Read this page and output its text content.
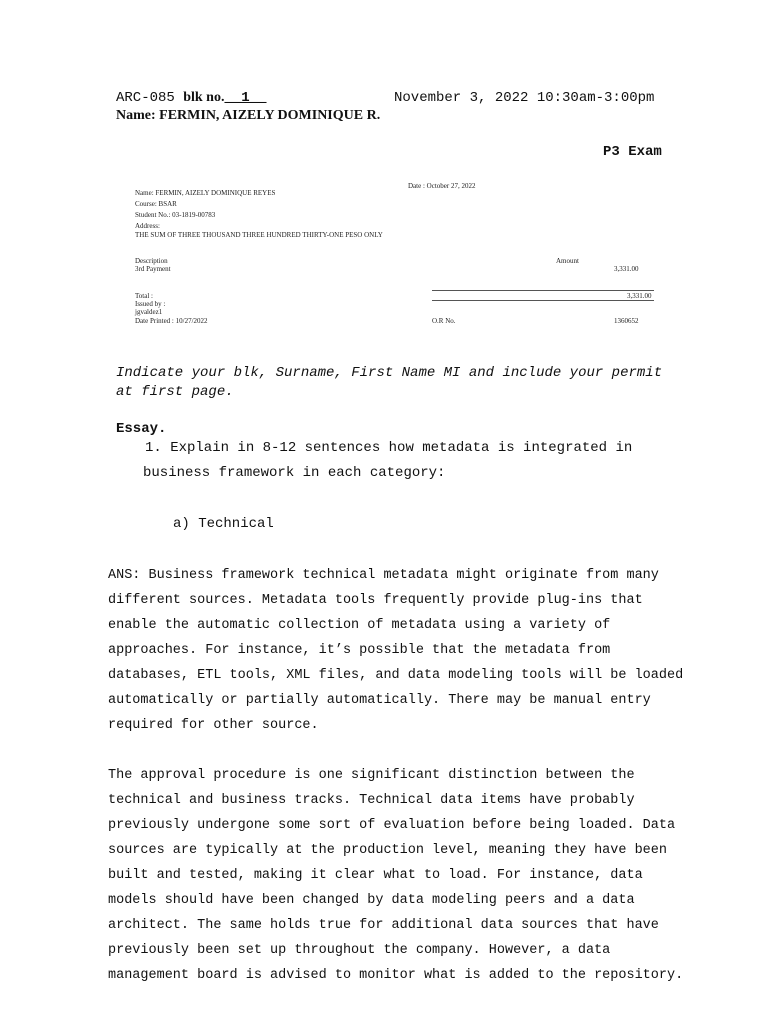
ARC-085 blk no.__1__	November 3, 2022 10:30am-3:00pm
Name: FERMIN, AIZELY DOMINIQUE R.
P3 Exam
Date : October 27, 2022
Name: FERMIN, AIZELY DOMINIQUE REYES
Course: BSAR
Student No.: 03-1819-00783
Address:
THE SUM OF THREE THOUSAND THREE HUNDRED THIRTY-ONE PESO ONLY
Description	Amount
3rd Payment	3,331.00
Total :	3,331.00
Issued by :
jgvaldez1
Date Printed : 10/27/2022	O.R No.	1360652
Indicate your blk, Surname, First Name MI and include your permit at first page.
Essay.
1. Explain in 8-12 sentences how metadata is integrated in
business framework in each category:
a) Technical
ANS: Business framework technical metadata might originate from many
different sources. Metadata tools frequently provide plug-ins that
enable the automatic collection of metadata using a variety of
approaches. For instance, it’s possible that the metadata from
databases, ETL tools, XML files, and data modeling tools will be loaded
automatically or partially automatically. There may be manual entry
required for other source.
The approval procedure is one significant distinction between the
technical and business tracks. Technical data items have probably
previously undergone some sort of evaluation before being loaded. Data
sources are typically at the production level, meaning they have been
built and tested, making it clear what to load. For instance, data
models should have been changed by data modeling peers and a data
architect. The same holds true for additional data sources that have
previously been set up throughout the company. However, a data
management board is advised to monitor what is added to the repository.
